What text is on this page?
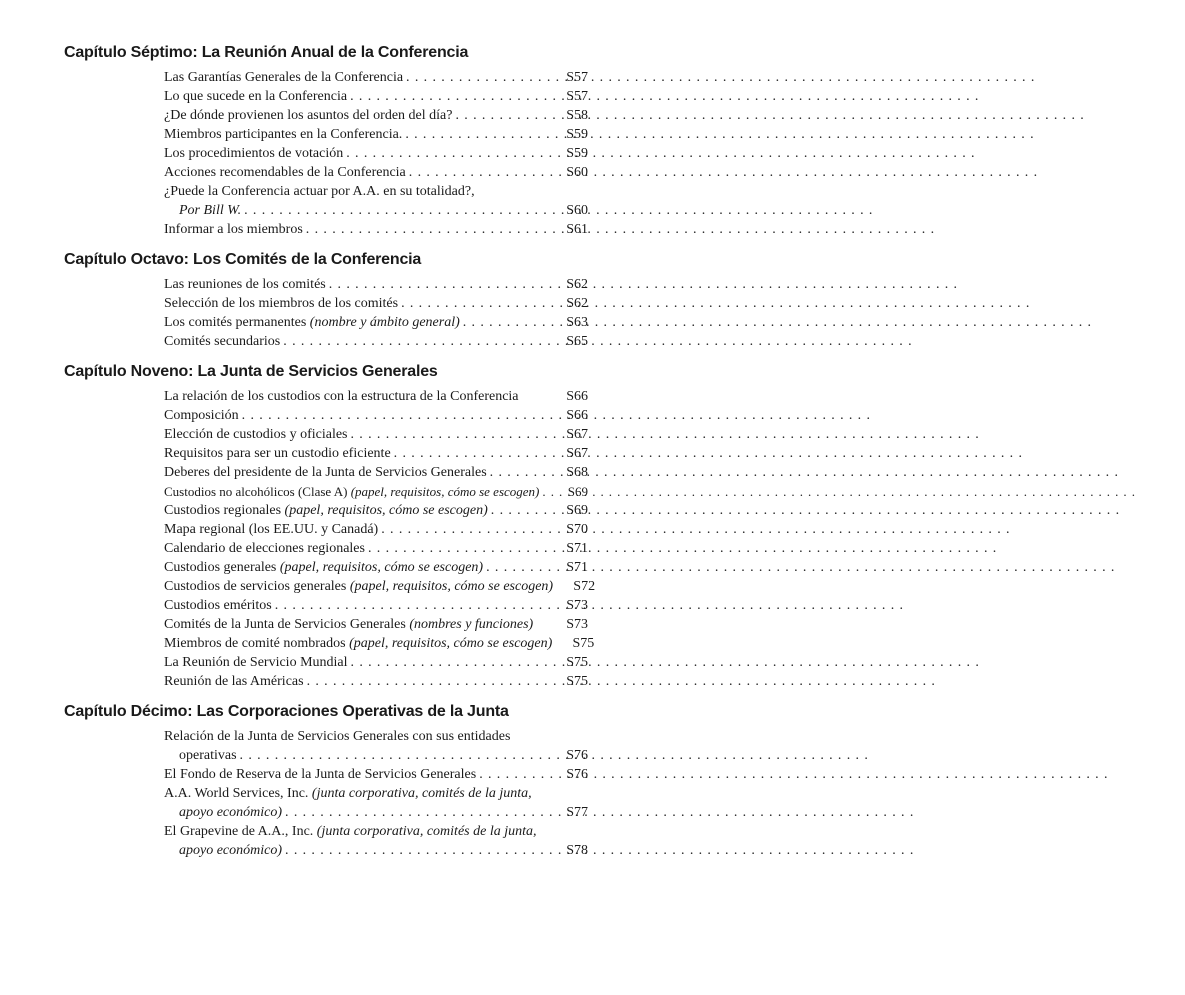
Capítulo Séptimo: La Reunión Anual de la Conferencia
Las Garantías Generales de la Conferencia . . .	S57
Lo que sucede en la Conferencia . . .	S57
¿De dónde provienen los asuntos del orden del día? . . .	S58
Miembros participantes en la Conferencia. . . .	S59
Los procedimientos de votación . . .	S59
Acciones recomendables de la Conferencia . . .	S60
¿Puede la Conferencia actuar por A.A. en su totalidad?,
Por Bill W. . . .	S60
Informar a los miembros . . .	S61
Capítulo Octavo: Los Comités de la Conferencia
Las reuniones de los comités . . .	S62
Selección de los miembros de los comités . . .	S62
Los comités permanentes (nombre y ámbito general) . . .	S63
Comités secundarios . . .	S65
Capítulo Noveno: La Junta de Servicios Generales
La relación de los custodios con la estructura de la Conferencia	S66
Composición . . .	S66
Elección de custodios y oficiales . . .	S67
Requisitos para ser un custodio eficiente . . .	S67
Deberes del presidente de la Junta de Servicios Generales . . .	S68
Custodios no alcohólicos (Clase A) (papel, requisitos, cómo se escogen) . . .	S69
Custodios regionales (papel, requisitos, cómo se escogen) . . .	S69
Mapa regional (los EE.UU. y Canadá) . . .	S70
Calendario de elecciones regionales . . .	S71
Custodios generales (papel, requisitos, cómo se escogen) . . .	S71
Custodios de servicios generales (papel, requisitos, cómo se escogen)	S72
Custodios eméritos . . .	S73
Comités de la Junta de Servicios Generales (nombres y funciones)	S73
Miembros de comité nombrados (papel, requisitos, cómo se escogen)	S75
La Reunión de Servicio Mundial . . .	S75
Reunión de las Américas . . .	S75
Capítulo Décimo: Las Corporaciones Operativas de la Junta
Relación de la Junta de Servicios Generales con sus entidades
operativas . . .	S76
El Fondo de Reserva de la Junta de Servicios Generales . . .	S76
A.A. World Services, Inc. (junta corporativa, comités de la junta,
apoyo económico) . . .	S77
El Grapevine de A.A., Inc. (junta corporativa, comités de la junta,
apoyo económico) . . .	S78
